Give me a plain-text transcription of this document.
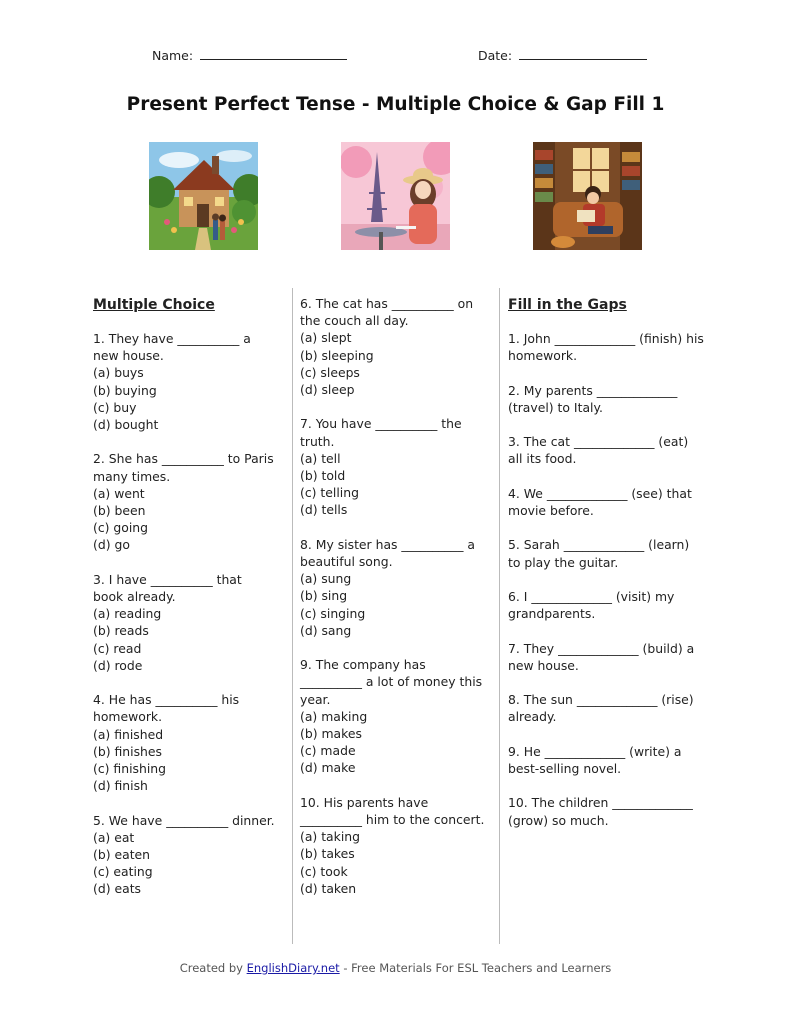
Name:	Date:
Present Perfect Tense - Multiple Choice & Gap Fill 1
Multiple Choice
1. They have __________ a new house.
(a) buys
(b) buying
(c) buy
(d) bought
2. She has __________ to Paris many times.
(a) went
(b) been
(c) going
(d) go
3. I have __________ that book already.
(a) reading
(b) reads
(c) read
(d) rode
4. He has __________ his homework.
(a) finished
(b) finishes
(c) finishing
(d) finish
5. We have __________ dinner.
(a) eat
(b) eaten
(c) eating
(d) eats
6. The cat has __________ on the couch all day.
(a) slept
(b) sleeping
(c) sleeps
(d) sleep
7. You have __________ the truth.
(a) tell
(b) told
(c) telling
(d) tells
8. My sister has __________ a beautiful song.
(a) sung
(b) sing
(c) singing
(d) sang
9. The company has __________ a lot of money this year.
(a) making
(b) makes
(c) made
(d) make
10. His parents have __________ him to the concert.
(a) taking
(b) takes
(c) took
(d) taken
Fill in the Gaps
1. John _____________ (finish) his homework.
2. My parents _____________ (travel) to Italy.
3. The cat _____________ (eat) all its food.
4. We _____________ (see) that movie before.
5. Sarah _____________ (learn) to play the guitar.
6. I _____________ (visit) my grandparents.
7. They _____________ (build) a new house.
8. The sun _____________ (rise) already.
9. He _____________ (write) a best-selling novel.
10. The children _____________ (grow) so much.
Created by EnglishDiary.net - Free Materials For ESL Teachers and Learners
